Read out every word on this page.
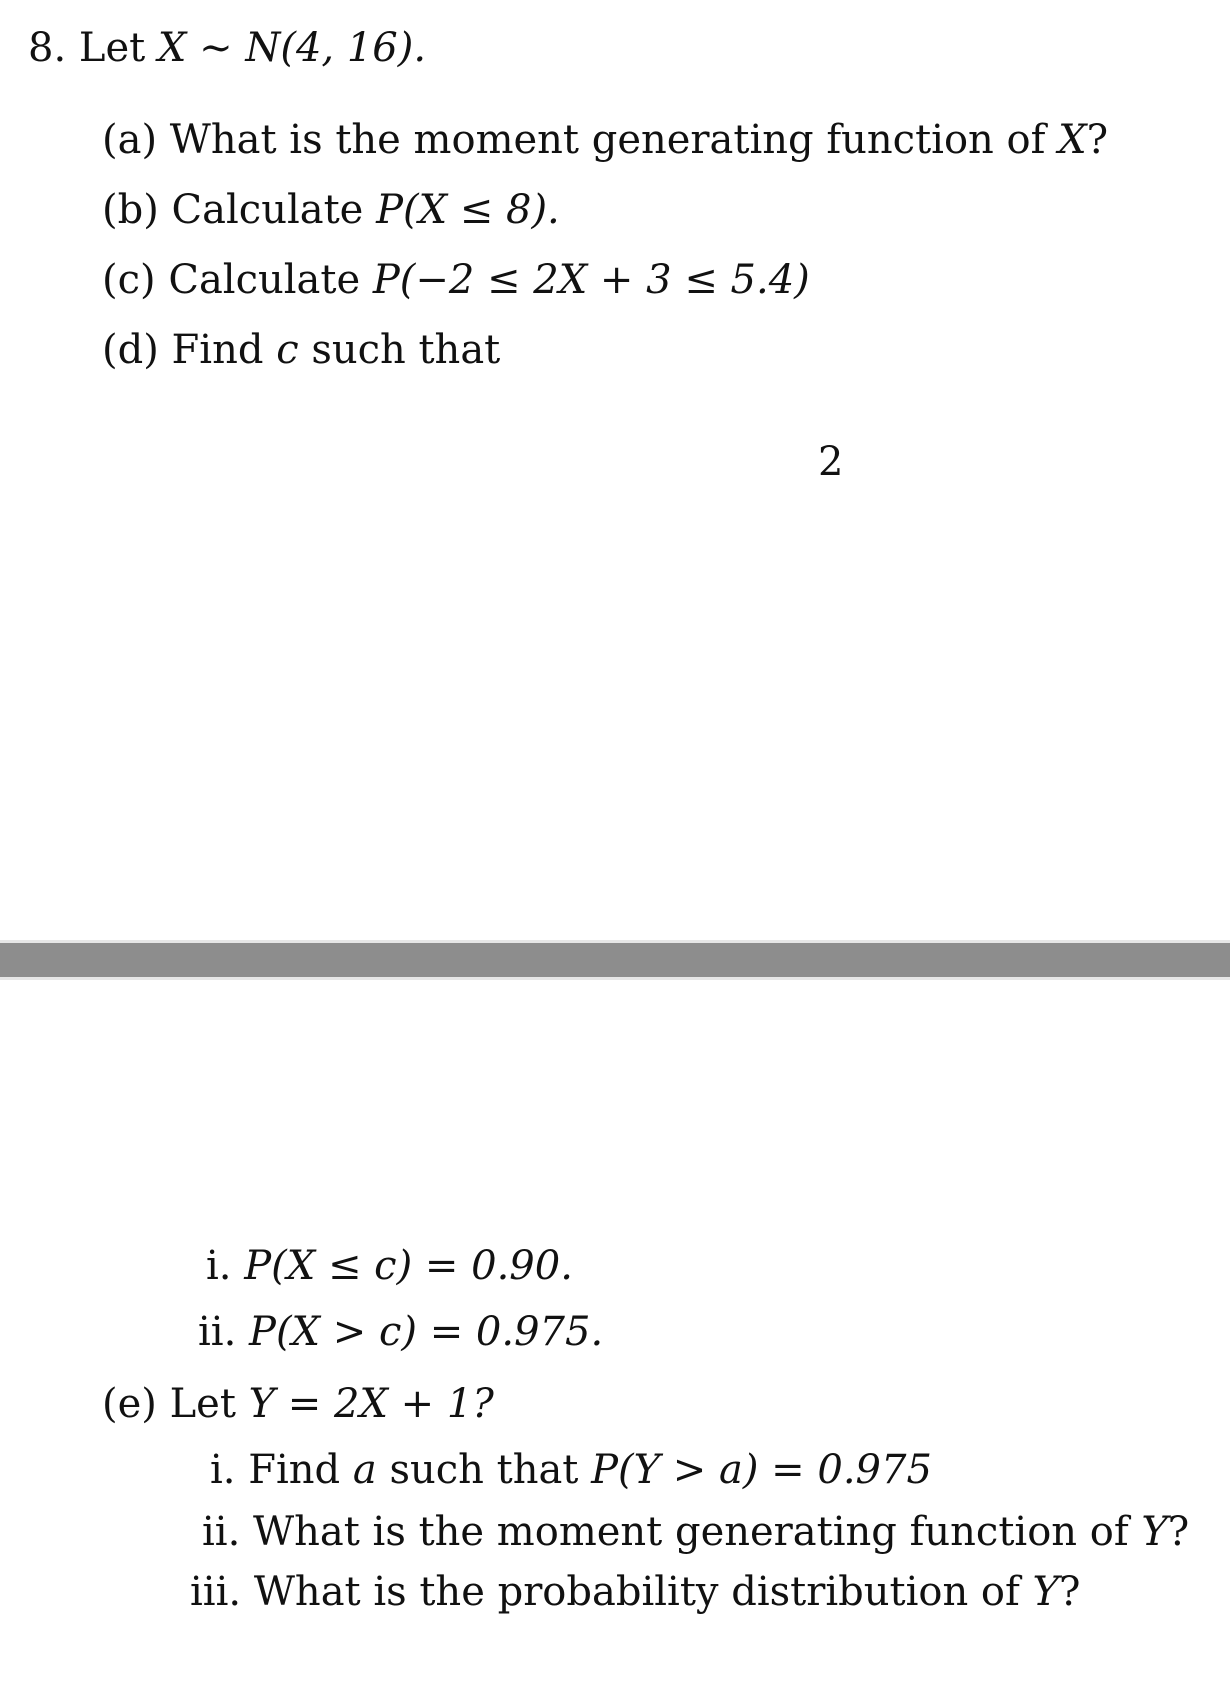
8. Let X ∼ N(4, 16).
(a) What is the moment generating function of X?
(b) Calculate P(X ≤ 8).
(c) Calculate P(−2 ≤ 2X + 3 ≤ 5.4)
(d) Find c such that
2
i. P(X ≤ c) = 0.90.
ii. P(X > c) = 0.975.
(e) Let Y = 2X + 1?
i. Find a such that P(Y > a) = 0.975
ii. What is the moment generating function of Y?
iii. What is the probability distribution of Y?
